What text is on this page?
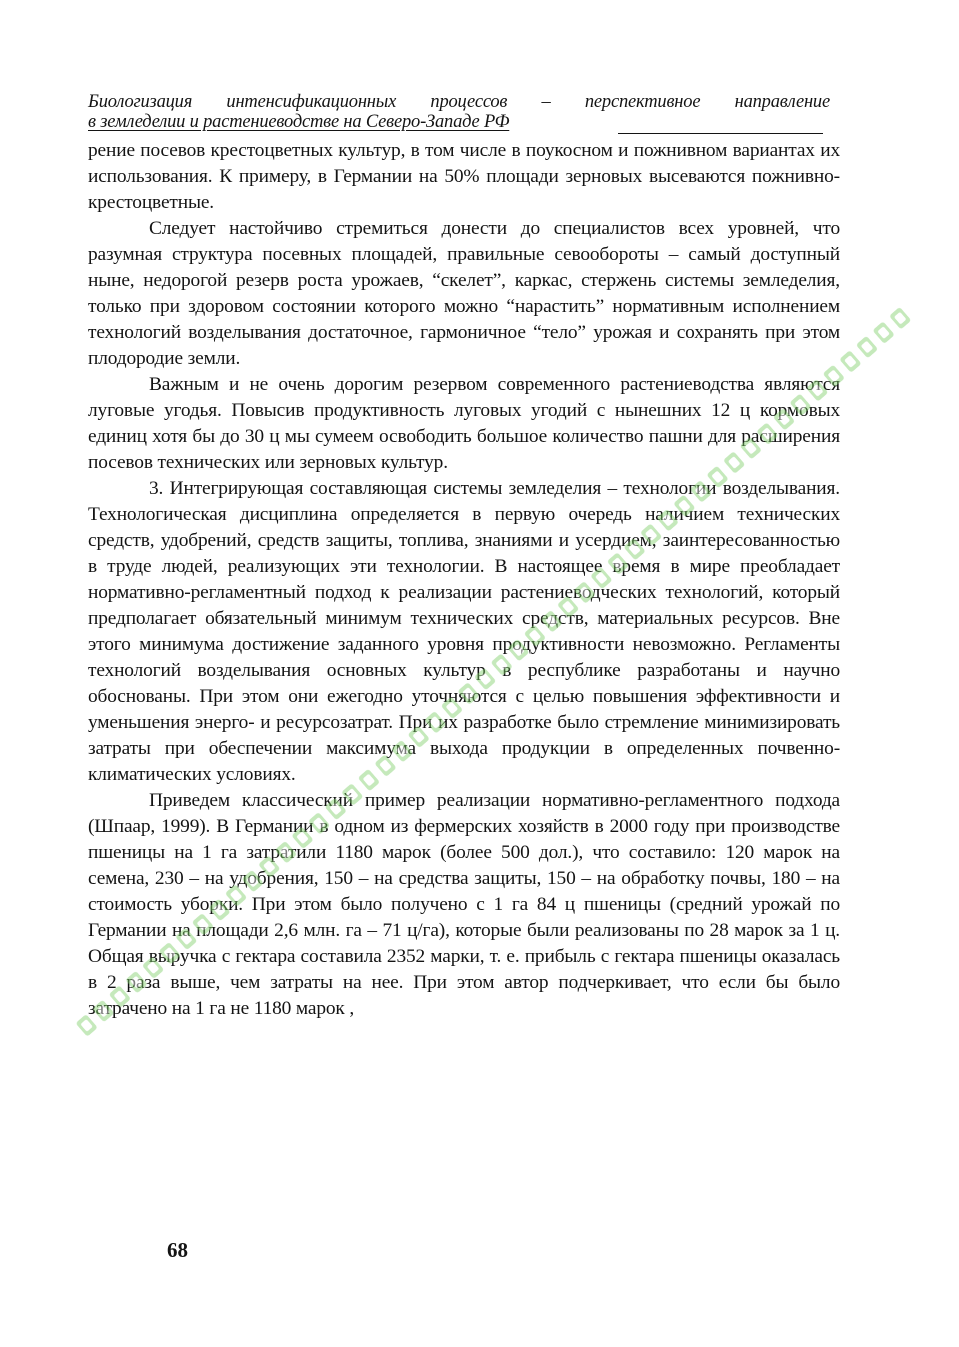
Биологизация интенсификационных процессов – перспективное направление
в земледелии и растениеводстве на Северо-Западе РФ

рение посевов крестоцветных культур, в том числе в поукосном и пожнивном вариантах их использования. К примеру, в Германии на 50% площади зерновых высеваются пожнивно-крестоцветные.

Следует настойчиво стремиться донести до специалистов всех уровней, что разумная структура посевных площадей, правильные севообороты – самый доступный ныне, недорогой резерв роста урожаев, “скелет”, каркас, стержень системы земледелия, только при здоровом состоянии которого можно “нарастить” нормативным исполнением технологий возделывания достаточное, гармоничное “тело” урожая и сохранять при этом плодородие земли.

Важным и не очень дорогим резервом современного растениеводства являются луговые угодья. Повысив продуктивность луговых угодий с нынешних 12 ц кормовых единиц хотя бы до 30 ц мы сумеем освободить большое количество пашни для расширения посевов технических или зерновых культур.

3. Интегрирующая составляющая системы земледелия – технологии возделывания. Технологическая дисциплина определяется в первую очередь наличием технических средств, удобрений, средств защиты, топлива, знаниями и усердием, заинтересованностью в труде людей, реализующих эти технологии. В настоящее время в мире преобладает нормативно-регламентный подход к реализации растениеводческих технологий, который предполагает обязательный минимум технических средств, материальных ресурсов. Вне этого минимума достижение заданного уровня продуктивности невозможно. Регламенты технологий возделывания основных культур в республике разработаны и научно обоснованы. При этом они ежегодно уточняются с целью повышения эффективности и уменьшения энерго- и ресурсозатрат. При их разработке было стремление минимизировать затраты при обеспечении максимума выхода продукции в определенных почвенно-климатических условиях.

Приведем классический пример реализации нормативно-регламентного подхода (Шпаар, 1999). В Германии в одном из фермерских хозяйств в 2000 году при производстве пшеницы на 1 га затратили 1180 марок (более 500 дол.), что составило: 120 марок на семена, 230 – на удобрения, 150 – на средства защиты, 150 – на обработку почвы, 180 – на стоимость уборки. При этом было получено с 1 га 84 ц пшеницы (средний урожай по Германии на площади 2,6 млн. га – 71 ц/га), которые были реализованы по 28 марок за 1 ц. Общая выручка с гектара составила 2352 марки, т. е. прибыль с гектара пшеницы оказалась в 2 раза выше, чем затраты на нее. При этом автор подчеркивает, что если бы было затрачено на 1 га не 1180 марок ,

68
